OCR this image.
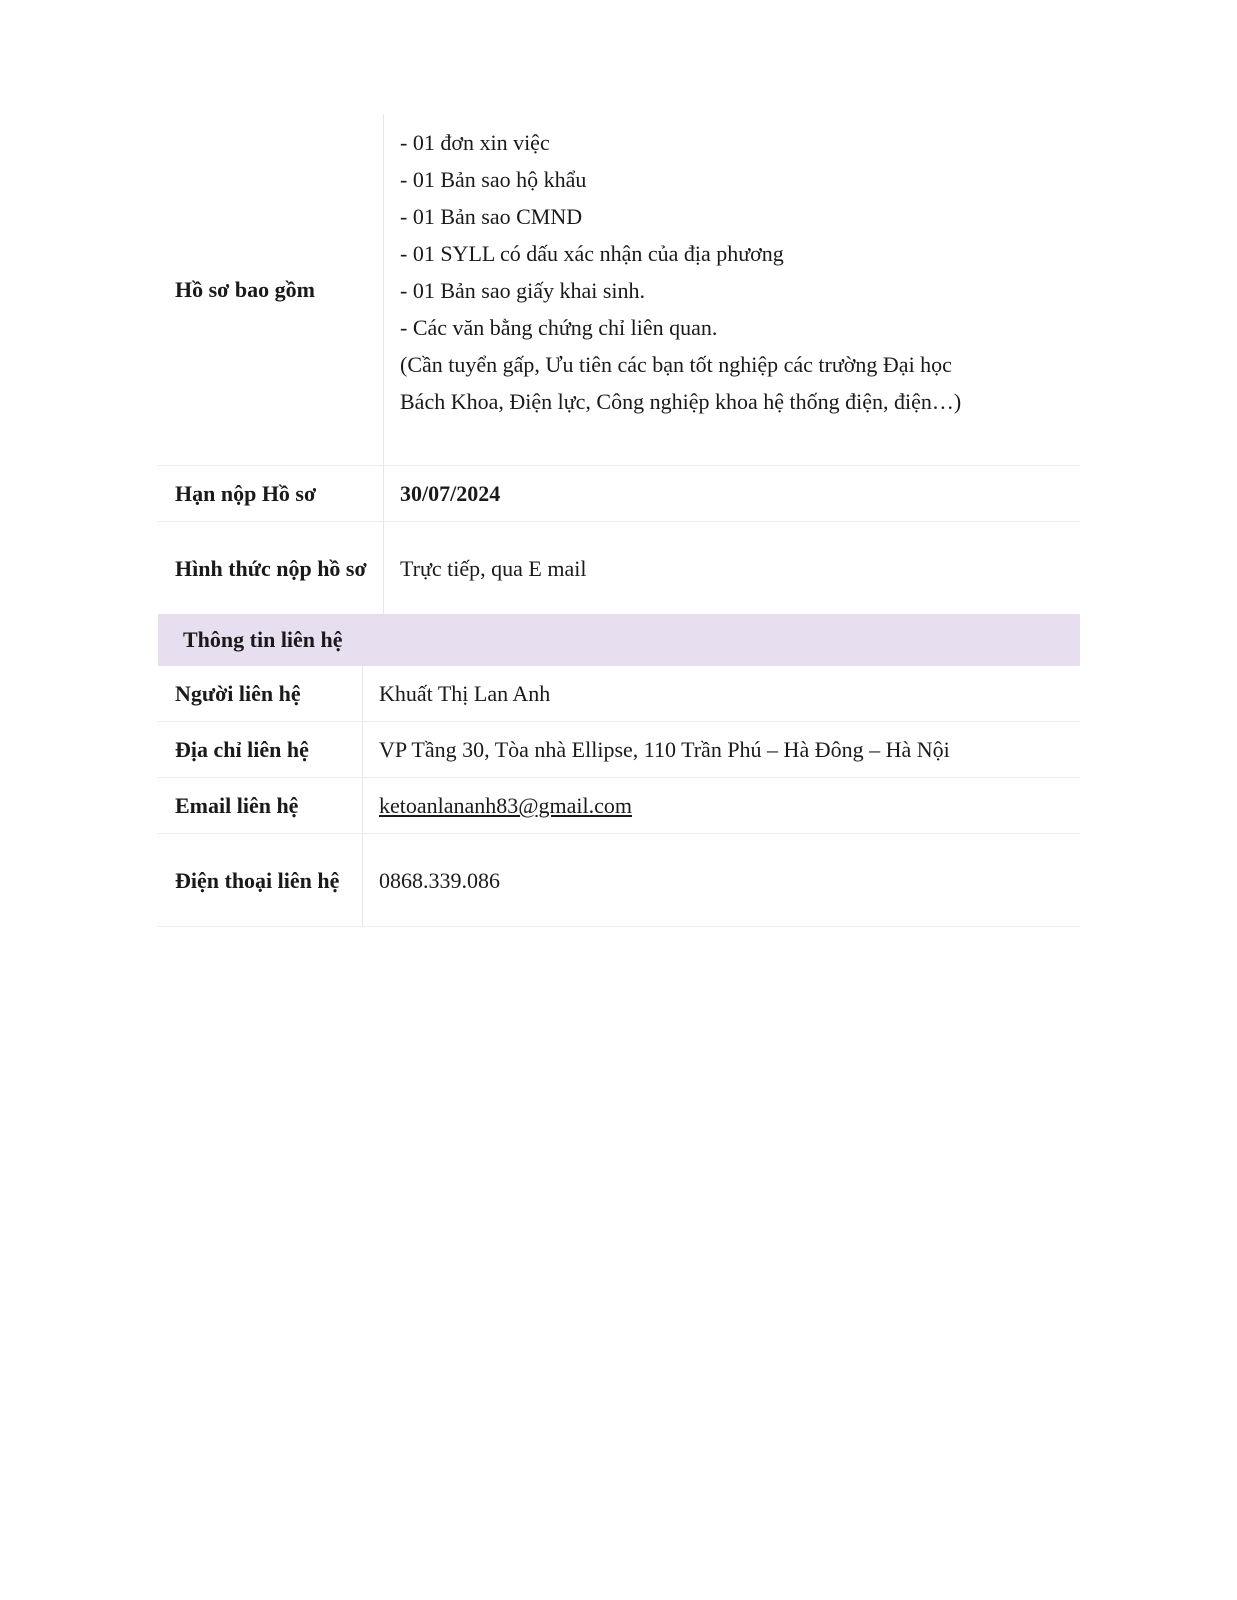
Hồ sơ bao gồm
- 01 đơn xin việc
- 01 Bản sao hộ khẩu
- 01 Bản sao CMND
- 01 SYLL có dấu xác nhận của địa phương
- 01 Bản sao giấy khai sinh.
- Các văn bằng chứng chỉ liên quan.
(Cần tuyển gấp, Ưu tiên các bạn tốt nghiệp các trường Đại học
Bách Khoa, Điện lực, Công nghiệp khoa hệ thống điện, điện…)
Hạn nộp Hồ sơ	30/07/2024
Hình thức nộp hồ sơ	Trực tiếp, qua E mail
Thông tin liên hệ
Người liên hệ	Khuất Thị Lan Anh
Địa chỉ liên hệ	VP Tầng 30, Tòa nhà Ellipse, 110 Trần Phú – Hà Đông – Hà Nội
Email liên hệ	ketoanlananh83@gmail.com
Điện thoại liên hệ	0868.339.086
